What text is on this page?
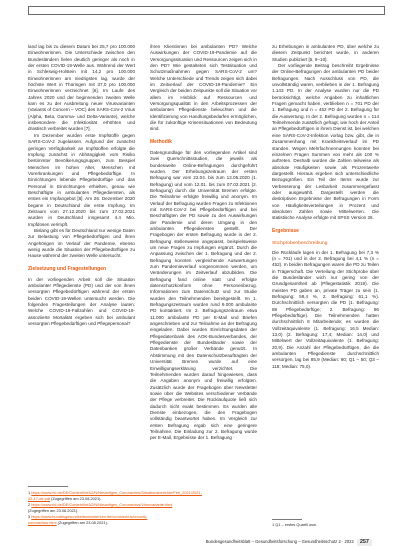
land lag bis zu diesem Datum bei 25,7 pro 100.000 Einwohnerinnen. Die Unterschiede zwischen den Bundesländern fielen deutlich geringer als noch in der ersten COVID-19-Welle aus. Während der Wert in Schleswig-Holstein mit 14,2 pro 100.000 Einwohnerinnen am niedrigsten lag, wurde der höchste Wert in Thüringen mit 37,0 pro 100.000 Einwohnerinnen verzeichnet [6]. Im Laufe des Jahres 2020 und der beginnenden zweiten Welle kam es zu der Ausbreitung neuer Virusvarianten (Variants of Concern – VOC) des SARS-CoV-2 Virus (Alpha, Beta, Gamma- und Delta-Variante), welche insbesondere die Infektiosität erhöhten und drastisch verbreitet wurden [7].

Im Dezember wurden erste Impfstoffe gegen SARS-CoV-2 zugelassen. Aufgrund der zunächst geringen Verfügbarkeit an Impfstoffen erfolgte die Impfung zunächst in Abhängigkeit vom Risiko bestimmter Bevölkerungsgruppen, zum Beispiel Menschen im hohen Alter, Menschen mit Vorerkrankungen und Pflegebedürftige. In Einrichtungen lebende Pflegebedürftige und das Personal in Einrichtungen erhielten, genau wie Beschäftigte in ambulanten Pflegediensten, als erstes ein Impfangebot [8]. Am 26. Dezember 2020 begann in Deutschland die erste Impfung. Im Zeitraum vom 27.12.2020 bis zum 17.02.2021 wurden in Deutschland insgesamt 4.4 Mio. Impfdosen verimpft.

Bislang gibt es für Deutschland nur wenige Daten zur Belastung von Pflegebedürftigen und ihren Angehörigen im Verlauf der Pandemie, ebenso wenig wurde die Situation der Pflegebedürftigen zu Hause während der zweiten Welle untersucht.

Zielsetzung und Fragestellungen

In der vorliegenden Arbeit soll die Situation ambulanter Pflegedienste (PD) und der von ihnen versorgten Pflegebedürftigen während der ersten beiden COVID-19-Wellen untersucht werden. Die folgenden Fragestellungen der Analyse lauten: Welche COVID-19-Fallzahlen und COVID-19-assoziierte Mortalität ergeben sich bei ambulant versorgten Pflegebedürftigen und Pflegepersonal?

1 https://www.rki.de/DE/Content/InfAZ/N/Neuartiges_Coronavirus/Situationsberichte/Feb_2021/2021-02-17-de.pdf (Zugegriffen am 23.08.2021).

2 https://www.rki.de/DE/Content/InfAZ/N/Neuartiges_Coronavirus/Virusvariante.html (Zugegriffen am 23.08.2021).

3 https://www.bundesgesundheitsministerium.de/coronavirus/chronik-coronavirus.html (Zugegriffen am 23.08.2021).

ihren Klientinnen bei ambulanten PD? Welche Auswirkungen der COVID-19-Pandemie auf die Versorgungssituation und Ressourcen zeigen sich in den PD? Wie gestalteten sich Testsituation und Schutzmaßnahmen gegen SARS-CoV-2 um? Welche Unterschiede und Trends zeigen sich dabei im Zeitverlauf der COVID-19-Pandemie? Ein Vergleich der beiden Zeitpunkte soll die Situation vor allem im Hinblick auf Ressourcen und Versorgungsqualität in den Arbeitsprozessen der ambulanten Pflegedienste beleuchten und die Identifizierung von Handlungsbedarfen ermöglichen, die für zukünftige Krisensituationen von Bedeutung sind.

Methodik

Datengrundlage für den vorliegenden Artikel sind zwei Querschnittsstudien, die jeweils als bundesweite Online-Befragungen durchgeführt wurden. Der Erhebungszeitraum der ersten Befragung war vom 22.04. bis zum 12.05.2020 (1. Befragung) und vom 12.01. bis zum 07.02.2021 (2. Befragung) durch die Universität Bremen erfolgte. Die Teilnahme erfolgte freiwillig und anonym. Im Verlauf der Befragung wurden Fragen zu Infektionen mit SARS-CoV-2 bei Pflegebedürftigen und bei Beschäftigten der PD sowie zu den Auswirkungen der Pandemie und deren Umgang in den ambulanten Pflegediensten gestellt. Der Fragebogen der ersten Befragung wurde in der 2. Befragung stellenweise angepasst, beispielsweise um neue Fragen zu Impfungen ergänzt. Durch die Anpassung zwischen der 1. Befragung und der 2. Befragung konnten vergleichende Auswertungen zum Pandemieverlauf vorgenommen werden, um Veränderungen im Zeitverlauf abzubilden. Die Befragung fand online statt und erfolgte datenschutzkonform ohne Personenbezug. Informationen zum Datenschutz und zur Studie wurden den Teilnehmenden bereitgestellt. Im 1. Befragungszeitraum wurden rund 9.000 ambulante PD kontaktiert. Im 2. Befragungszeitraum etwa 11.000 ambulante PD per E-Mail und Briefen angeschrieben und zur Teilnahme an der Befragung eingeladen. Dabei wurden Einrichtungsdaten der Pflegedatenbank des AOK-Bundesverbandes, der Pflegedienste der Bundesländer sowie der Datenbanken großer Verbände genutzt. In Abstimmung mit den Datenschutzbeauftragten der Universität Bremen wurde auf eine Einwilligungserklärung verzichtet. Die Teilnehmenden wurden darauf hingewiesen, dass die Angaben anonym und freiwillig erfolgten. Zusätzlich wurde der Fragebogen über Newsletter sowie über die Websites verschiedener Verbände der Pflege verbreitet. Die Rücklaufquote ließ sich dadurch nicht exakt bestimmen. Es wurden alle Dienste einbezogen, die den Fragebogen vollständig beantwortet haben. Im Vergleich zur ersten Befragung ergab sich eine geringere Teilnahme. Die Einladung zur 2. Befragung wurde per E-Mail, Ergebnisse der 1. Befragung

zu Erhebungen in ambulanten PD, über welche zu diesem Zeitpunkt berichtet wurde, in anderen Studien publiziert [5, 9–10].

Der vorliegende Beitrag beschreibt Ergebnisse der Online-Befragungen der ambulanten PD beider Befragungen. Nach Ausschluss von PD, die unvollständig waren, verblieben in der 1. Befragung 1.143 PD. In der Analyse wurden nur die PD berücksichtigt, welche Angaben zu inhaltlichen Fragen gemacht haben, verblieben n = 701 PD der 1. Befragung und n = 452 PD der 2. Befragung für die Auswertung. In der 2. Befragung wurden n = 114 Teilnehmende zusätzlich gefragt, wie hoch der Anteil an Pflegebedürftigen in ihrem Dienst ist, bei welchen eine SARS-CoV-2-Infektion vorlag bzw. gibt, die in Zusammenhang mit Krankheitsverlauf im PD standen. Wegen Mehrfachnennungen konnten bei einzelnen Fragen Summen von mehr als 100 % auftreten. Deshalb wurden die Zahlen teilweise als absolute Häufigkeiten sowie als Prozentwerte dargestellt. Hieraus ergeben sich unterschiedliche Bezugsgrößen. Ein Teil der Items wurde zur Verbesserung der Lesbarkeit zusammengefasst oder ausgewählt. Dargestellt werden die deskriptiven Ergebnisse der Befragungen in Form von Häufigkeitsverteilungen in Prozent und absoluten Zahlen sowie Mittelwerten. Die statistische Analyse erfolgte mit SPSS Version 26.

Ergebnisse
Stichprobenbeschreibung

Die Rückläufe lagen in der 1. Befragung bei 7,3 % (n = 701) und in der 2. Befragung bei 4,1 % (n = 452). In beiden Befragungen waren die PD zu Teilen in Trägerschaft. Die Verteilung der Stichprobe über die Bundesländer wich nur gering von der Grundgesamtheit ab (Pflegestatistik 2019). Die meisten PD gaben an, private Träger zu sein (1. Befragung: 59,4 %, 2. Befragung: 61,1 %). Durchschnittlich versorgten die PD (1. Befragung: 88 Pflegebedürftige; 2. Befragung: 86 Pflegebedürftige). Die Teilnehmenden hatten durchschnittlich 8 Mitarbeitende; es wurden die Vollzeitäquivalente (1. Befragung: 16,5 Median: 13,0) (2. Befragung: 17,4; Median: 14,0) und Mittelwert der Vollzeitäquivalente (1. Befragung: 20,9). Die Anzahl der Pflegebedürftigen, die die ambulanten Pflegedienste durchschnittlich versorgen, lag bei 85,9 (Median: 80; Q1 – 50; Q3 – 118; Median: 75,0).

1 Q1 – erstes Quartil usw.
Bundesgesundheitsblatt – Gesundheitsforschung – Gesundheitsschutz 2 · 2022 257
